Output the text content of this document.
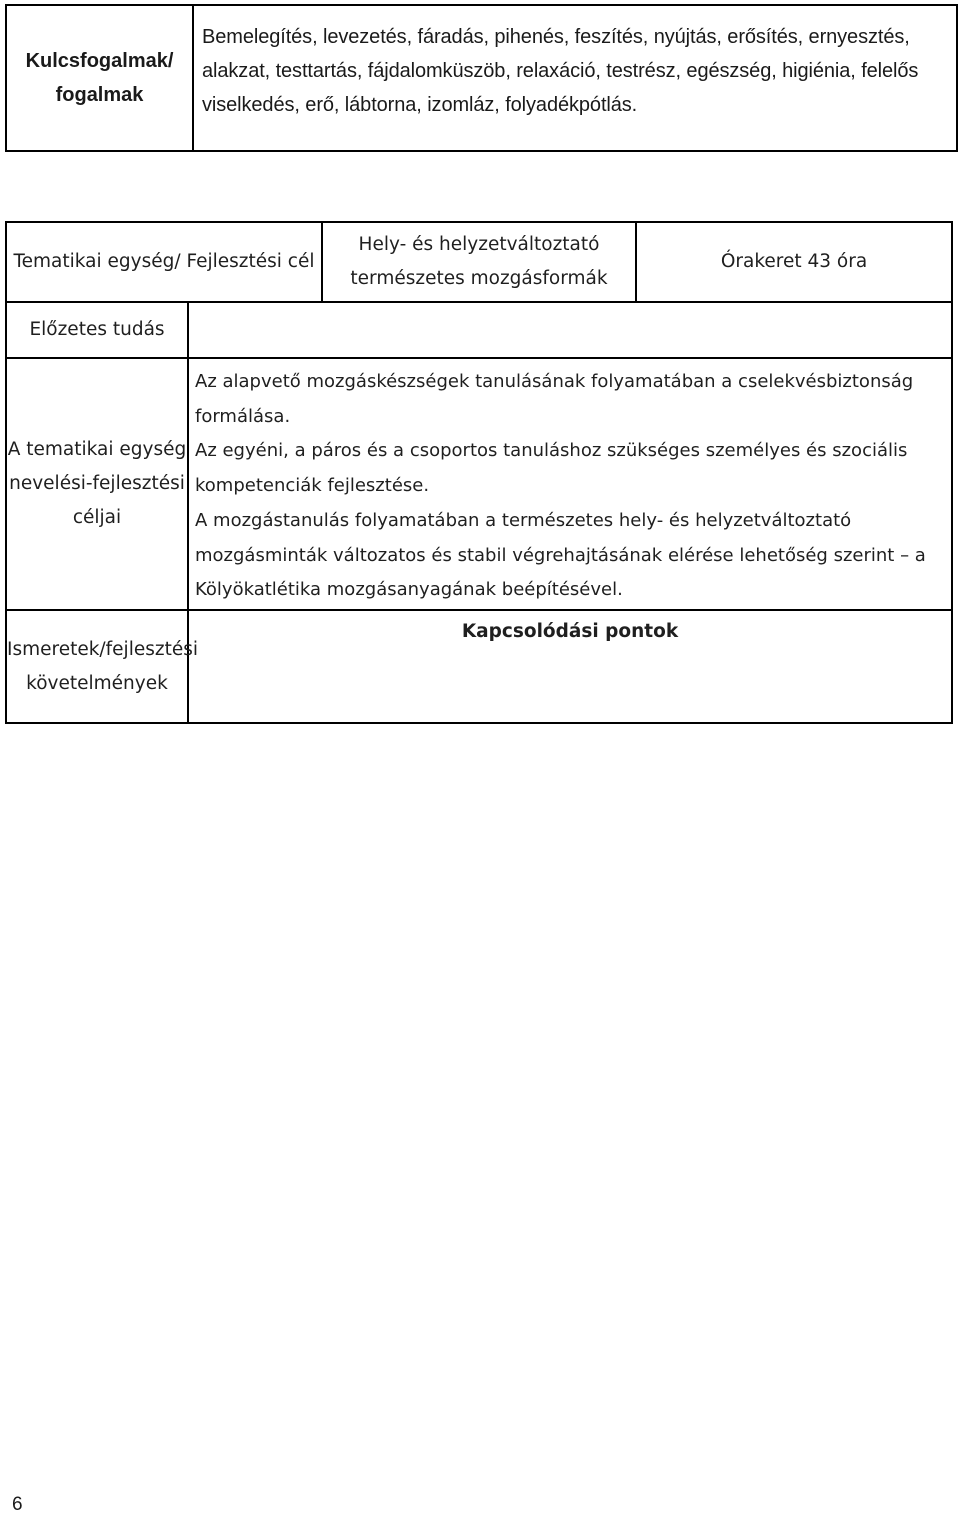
Kulcsfogalmak/ fogalmak	Bemelegítés, levezetés, fáradás, pihenés, feszítés, nyújtás, erősítés, ernyesztés, alakzat, testtartás, fájdalomküszöb, relaxáció, testrész, egészség, higiénia, felelős viselkedés, erő, lábtorna, izomláz, folyadékpótlás.
Tematikai egység/ Fejlesztési cél		Hely- és helyzetváltoztató természetes mozgásformák	Órakeret 43 óra
Előzetes tudás			
A tematikai egység nevelési-fejlesztési céljai	Az alapvető mozgáskészségek tanulásának folyamatában a cselekvésbiztonság formálása.

Az egyéni, a páros és a csoportos tanuláshoz szükséges személyes és szociális kompetenciák fejlesztése.

A mozgástanulás folyamatában a természetes hely- és helyzetváltoztató mozgásminták változatos és stabil végrehajtásának elérése lehetőség szerint – a Kölyökatlétika mozgásanyagának beépítésével.		

Ismeretek/fejlesztési követelmények	Kapcsolódási pontok		
6
